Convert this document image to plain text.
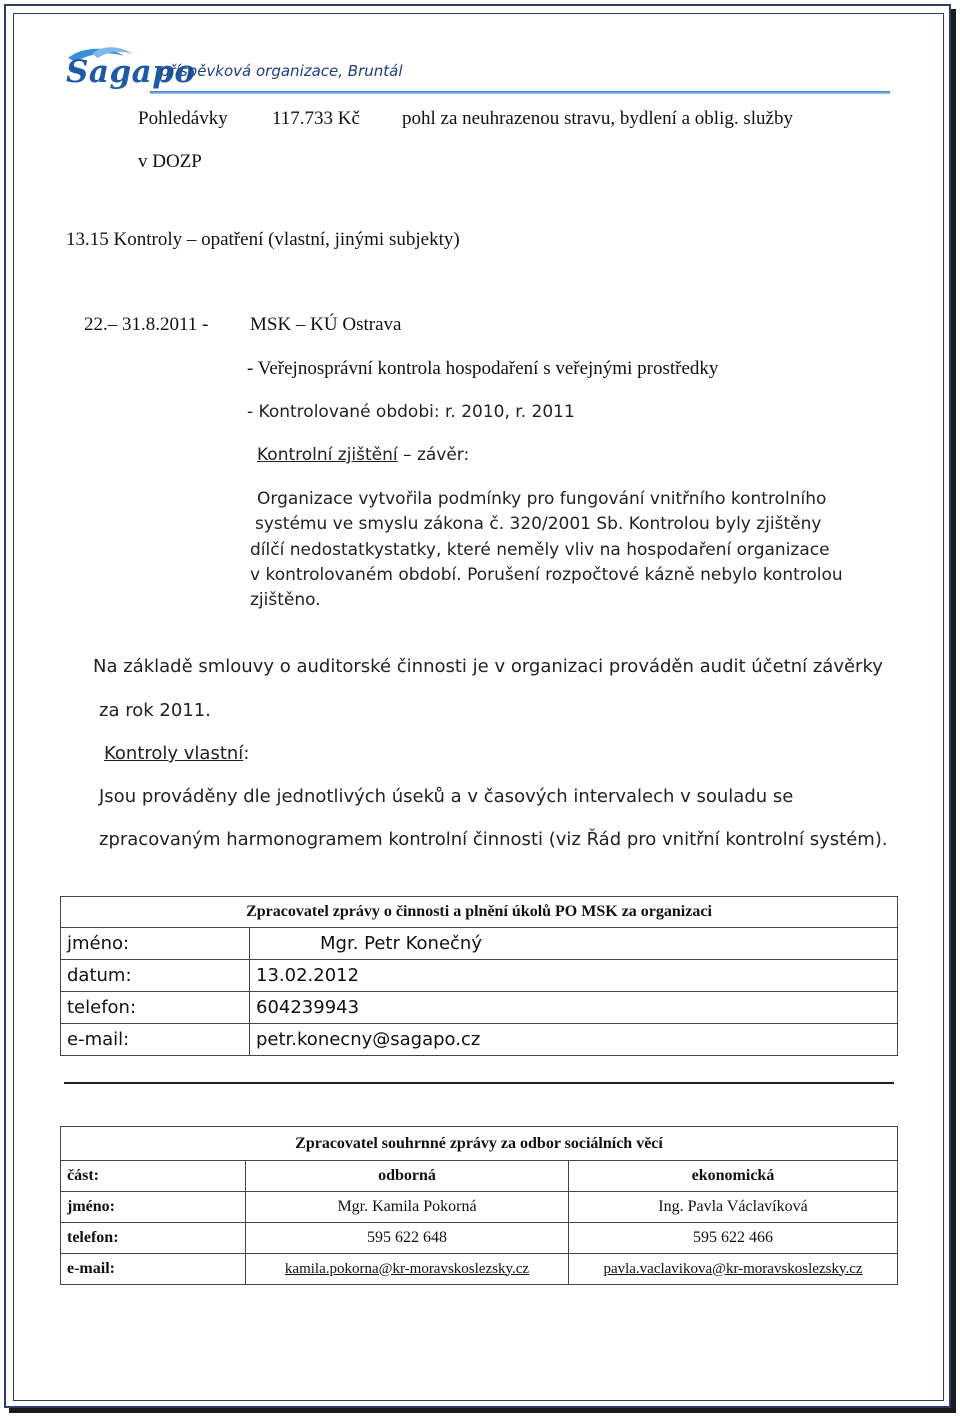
Sagapo
příspěvková organizace, Bruntál
Pohledávky 117.733 Kč pohl za neuhrazenou stravu, bydlení a oblig. služby
v DOZP
13.15 Kontroly – opatření (vlastní, jinými subjekty)
22.– 31.8.2011 - MSK – KÚ Ostrava
- Veřejnosprávní kontrola hospodaření s veřejnými prostředky
- Kontrolované obdobi: r. 2010, r. 2011
Kontrolní zjištění – závěr:
Organizace vytvořila podmínky pro fungování vnitřního kontrolního
systému ve smyslu zákona č. 320/2001 Sb. Kontrolou byly zjištěny
dílčí nedostatkystatky, které neměly vliv na hospodaření organizace
v kontrolovaném období. Porušení rozpočtové kázně nebylo kontrolou
zjištěno.
Na základě smlouvy o auditorské činnosti je v organizaci prováděn audit účetní závěrky
za rok 2011.
Kontroly vlastní:
Jsou prováděny dle jednotlivých úseků a v časových intervalech v souladu se
zpracovaným harmonogramem kontrolní činnosti (viz Řád pro vnitřní kontrolní systém).
Zpracovatel zprávy o činnosti a plnění úkolů PO MSK za organizaci	
jméno:	Mgr. Petr Konečný
datum:	13.02.2012
telefon:	604239943
e-mail:	petr.konecny@sagapo.cz
Zpracovatel souhrnné zprávy za odbor sociálních věcí		
část:	odborná	ekonomická
jméno:	Mgr. Kamila Pokorná	Ing. Pavla Václavíková
telefon:	595 622 648	595 622 466
e-mail:	kamila.pokorna@kr-moravskoslezsky.cz	pavla.vaclavikova@kr-moravskoslezsky.cz
